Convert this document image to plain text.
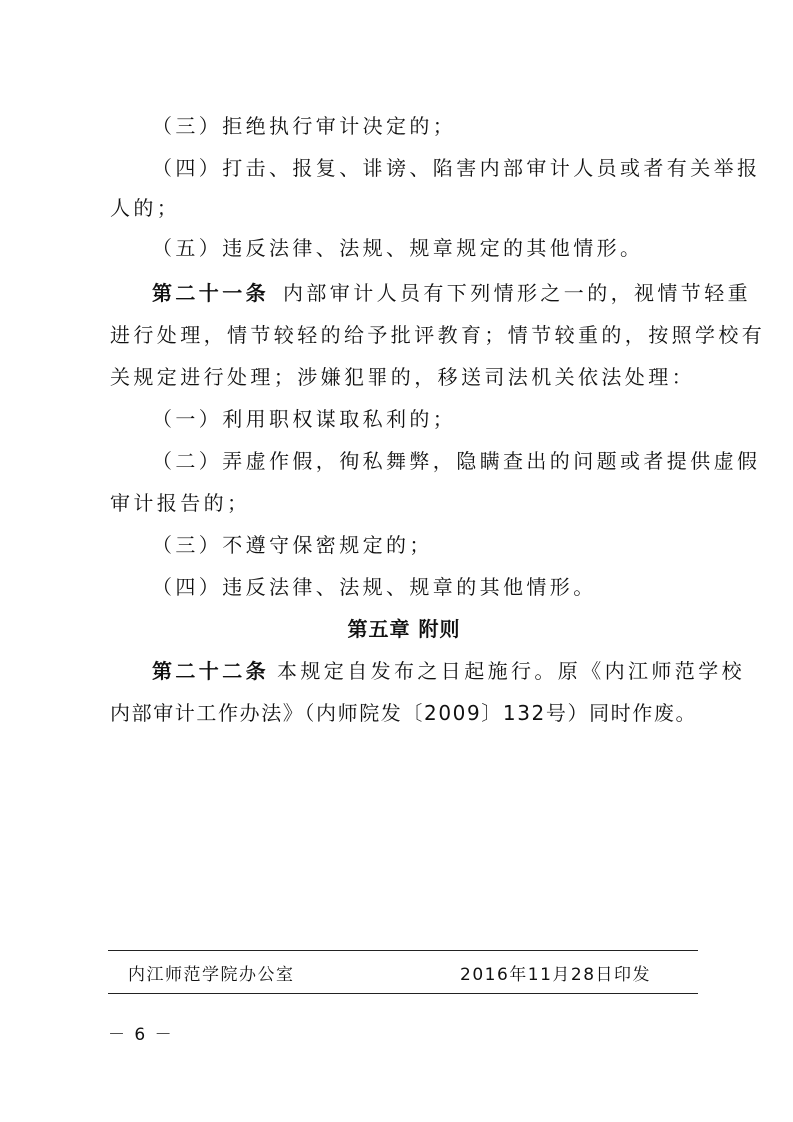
（三）拒绝执行审计决定的；

（四）打击、报复、诽谤、陷害内部审计人员或者有关举报

人的；

（五）违反法律、法规、规章规定的其他情形。

第二十一条 内部审计人员有下列情形之一的，视情节轻重

进行处理，情节较轻的给予批评教育；情节较重的，按照学校有

关规定进行处理；涉嫌犯罪的，移送司法机关依法处理：

（一）利用职权谋取私利的；

（二）弄虚作假，徇私舞弊，隐瞒查出的问题或者提供虚假

审计报告的；

（三）不遵守保密规定的；

（四）违反法律、法规、规章的其他情形。

第五章 附则

第二十二条 本规定自发布之日起施行。原《内江师范学校

内部审计工作办法》（内师院发〔2009〕132号）同时作废。

内江师范学院办公室	2016年11月28日印发
－ 6 －
